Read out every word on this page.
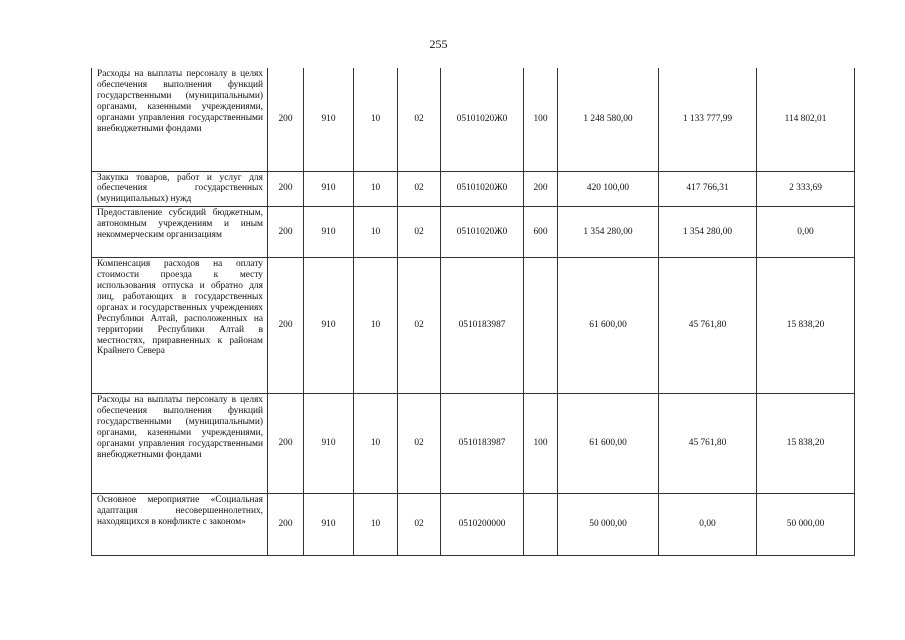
255
Расходы на выплаты персоналу в целях обеспечения выполнения функций государственными (муниципальными) органами, казенными учреждениями, органами управления государственными внебюджетными фондами	200	910	10	02	05101020Ж0	100	1 248 580,00	1 133 777,99	114 802,01
Закупка товаров, работ и услуг для обеспечения государственных (муниципальных) нужд	200	910	10	02	05101020Ж0	200	420 100,00	417 766,31	2 333,69
Предоставление субсидий бюджетным, автономным учреждениям и иным некоммерческим организациям	200	910	10	02	05101020Ж0	600	1 354 280,00	1 354 280,00	0,00
Компенсация расходов на оплату стоимости проезда к месту использования отпуска и обратно для лиц, работающих в государственных органах и государственных учреждениях Республики Алтай, расположенных на территории Республики Алтай в местностях, приравненных к районам Крайнего Севера	200	910	10	02	0510183987		61 600,00	45 761,80	15 838,20
Расходы на выплаты персоналу в целях обеспечения выполнения функций государственными (муниципальными) органами, казенными учреждениями, органами управления государственными внебюджетными фондами	200	910	10	02	0510183987	100	61 600,00	45 761,80	15 838,20
Основное мероприятие «Социальная адаптация несовершеннолетних, находящихся в конфликте с законом»	200	910	10	02	0510200000		50 000,00	0,00	50 000,00
